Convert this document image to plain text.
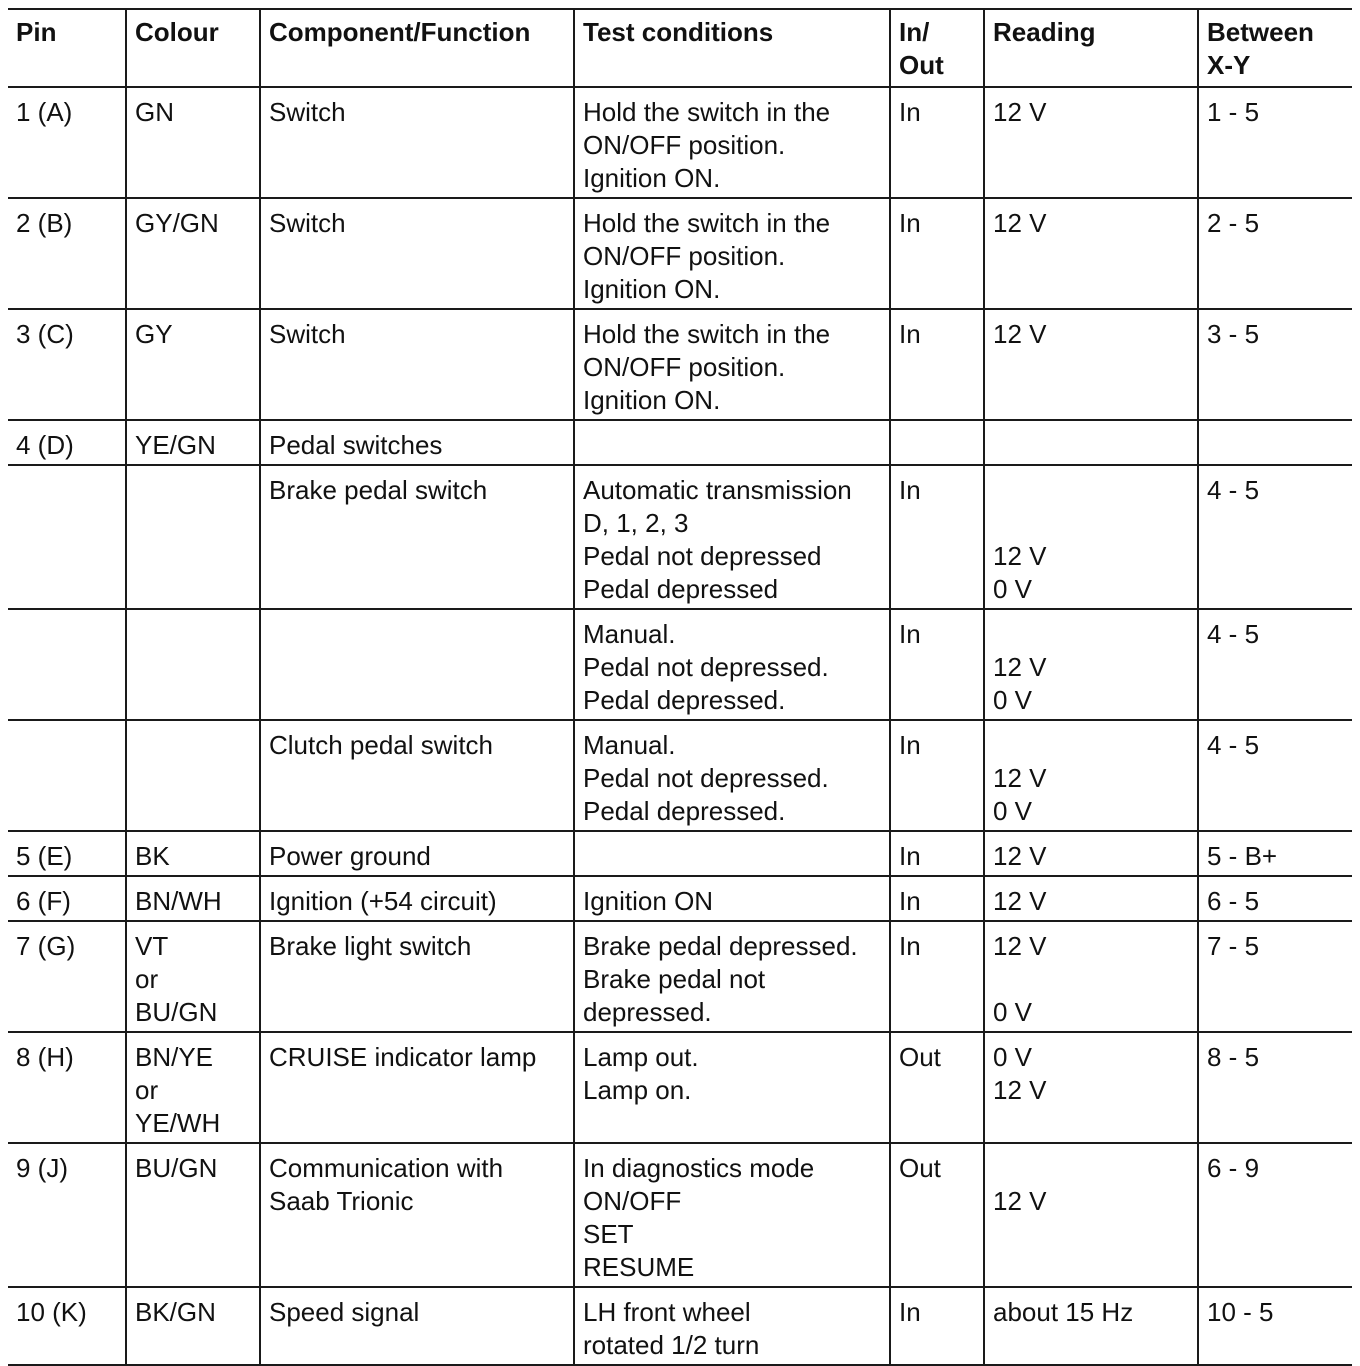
Pin	Colour	Component/Function	Test conditions	In/
Out	Reading	Between
X-Y

1 (A)	GN	Switch	Hold the switch in the
ON/OFF position.
Ignition ON.	In	12 V	1 - 5

2 (B)	GY/GN	Switch	Hold the switch in the
ON/OFF position.
Ignition ON.	In	12 V	2 - 5

3 (C)	GY	Switch	Hold the switch in the
ON/OFF position.
Ignition ON.	In	12 V	3 - 5

4 (D)	YE/GN	Pedal switches				

		Brake pedal switch	Automatic transmission
D, 1, 2, 3
Pedal not depressed
Pedal depressed	In	12 V
0 V	4 - 5

			Manual.
Pedal not depressed.
Pedal depressed.	In	12 V
0 V	4 - 5

		Clutch pedal switch	Manual.
Pedal not depressed.
Pedal depressed.	In	12 V
0 V	4 - 5

5 (E)	BK	Power ground		In	12 V	5 - B+

6 (F)	BN/WH	Ignition (+54 circuit)	Ignition ON	In	12 V	6 - 5

7 (G)	VT
or
BU/GN	Brake light switch	Brake pedal depressed.
Brake pedal not
depressed.	In	12 V
0 V	7 - 5

8 (H)	BN/YE
or
YE/WH	CRUISE indicator lamp	Lamp out.
Lamp on.	Out	0 V
12 V	8 - 5

9 (J)	BU/GN	Communication with
Saab Trionic	In diagnostics mode
ON/OFF
SET
RESUME	Out	12 V	6 - 9

10 (K)	BK/GN	Speed signal	LH front wheel
rotated 1/2 turn	In	about 15 Hz	10 - 5
